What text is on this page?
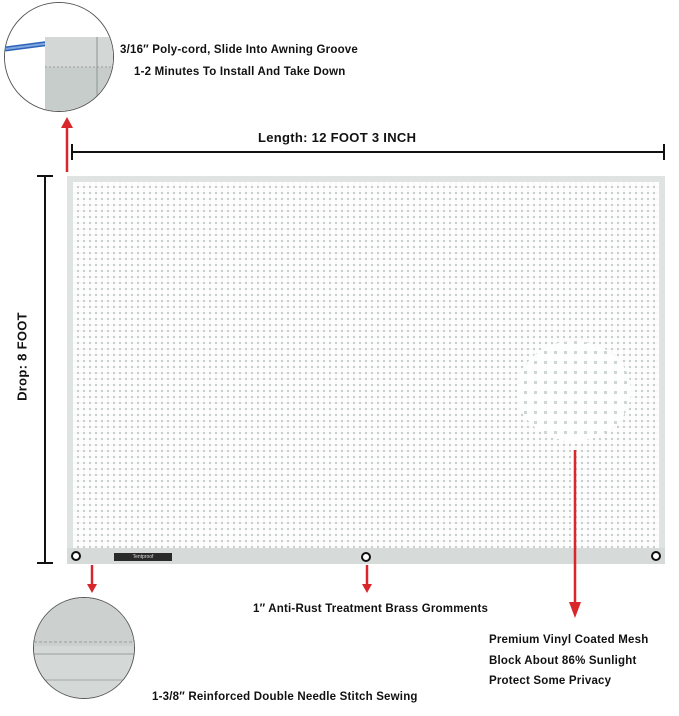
Tentproof
3/16″ Poly-cord, Slide Into Awning Groove
1-2 Minutes To Install And Take Down
Length: 12 FOOT 3 INCH
Drop: 8 FOOT
1″ Anti-Rust Treatment Brass Gromments
1-3/8″ Reinforced Double Needle Stitch Sewing
Premium Vinyl Coated Mesh
Block About 86% Sunlight
Protect Some Privacy
